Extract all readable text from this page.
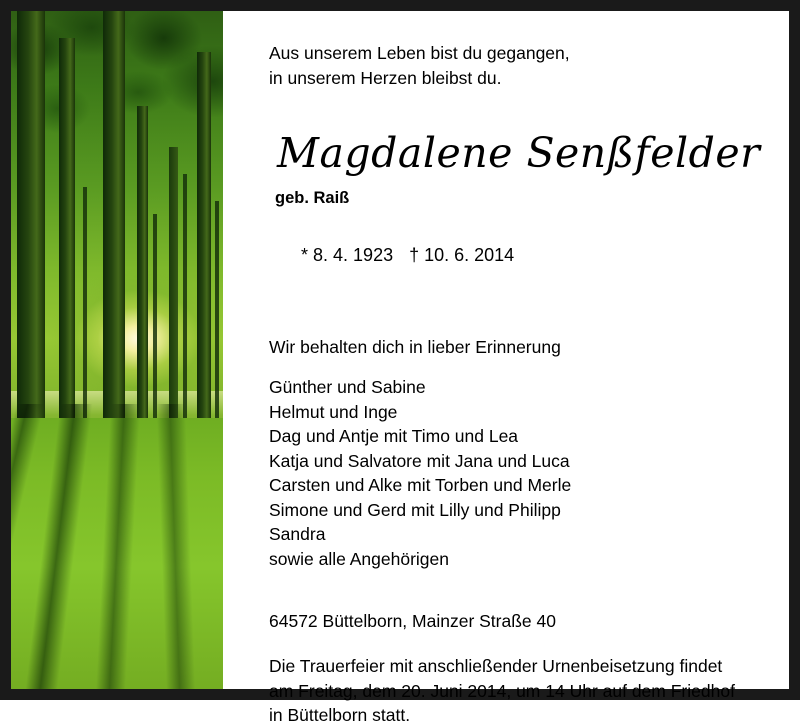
Aus unserem Leben bist du gegangen,
in unserem Herzen bleibst du.
Magdalene Senßfelder
geb. Raiß

* 8. 4. 1923 † 10. 6. 2014

Wir behalten dich in lieber Erinnerung
Günther und Sabine
Helmut und Inge
Dag und Antje mit Timo und Lea
Katja und Salvatore mit Jana und Luca
Carsten und Alke mit Torben und Merle
Simone und Gerd mit Lilly und Philipp
Sandra
sowie alle Angehörigen
64572 Büttelborn, Mainzer Straße 40
Die Trauerfeier mit anschließender Urnenbeisetzung findet
am Freitag, dem 20. Juni 2014, um 14 Uhr auf dem Friedhof
in Büttelborn statt.
